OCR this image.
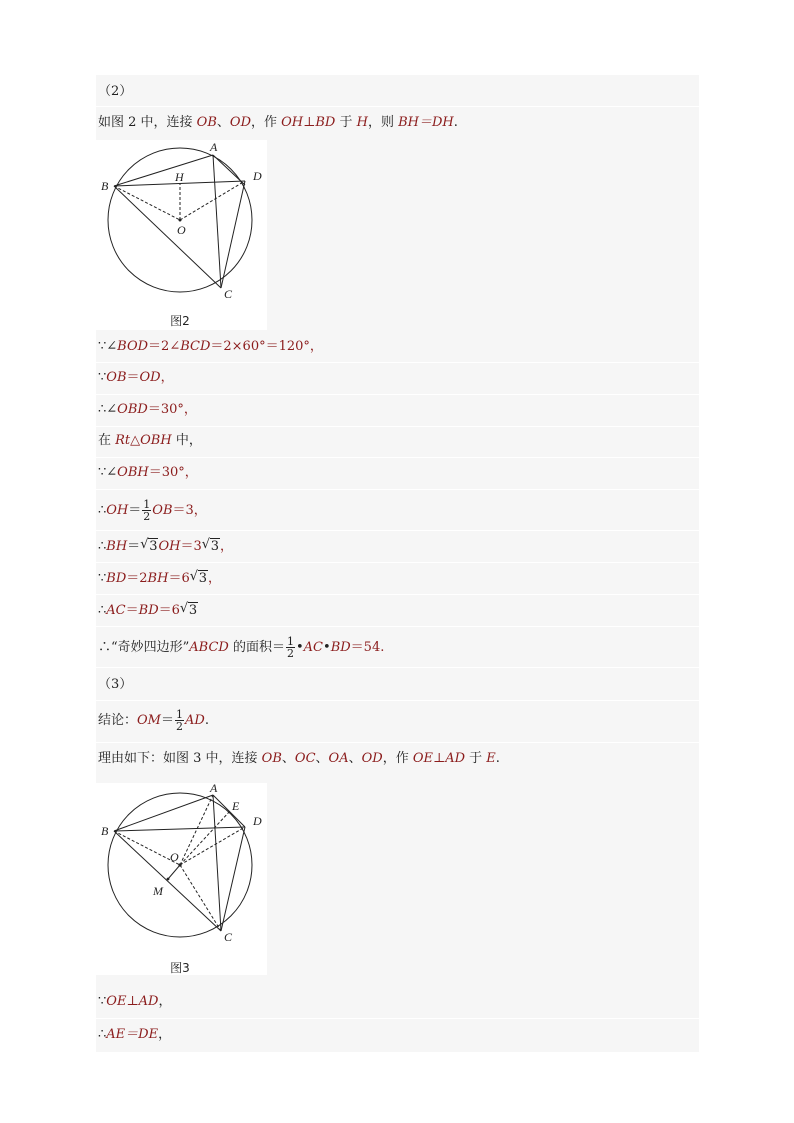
（2）
如图 2 中，连接 OB、OD，作 OH⊥BD 于 H，则 BH＝DH.
A
B
C
D
H
O
图2
∵∠BOD＝2∠BCD＝2×60°＝120°，
∵OB＝OD，
∴∠OBD＝30°，
在 Rt△OBH 中，
∵∠OBH＝30°，
∴OH＝ $\frac{1}{2} OB=3$，
∴BH＝ √ 3OH＝3 √ 3，
∵BD＝2BH＝6 √ 3，
∴AC＝BD＝6 √ 3
∴“奇妙四边形”ABCD 的面积＝ $\frac{1}{2}$ •AC•BD＝54.
（3）
结论：$OM= \frac{1}{2}$ AD.
理由如下：如图 3 中，连接 OB、OC、OA、OD，作 OE⊥AD 于 E.
A
B
C
D
E
M
O
图3
∵OE⊥AD，
∴AE＝DE，
